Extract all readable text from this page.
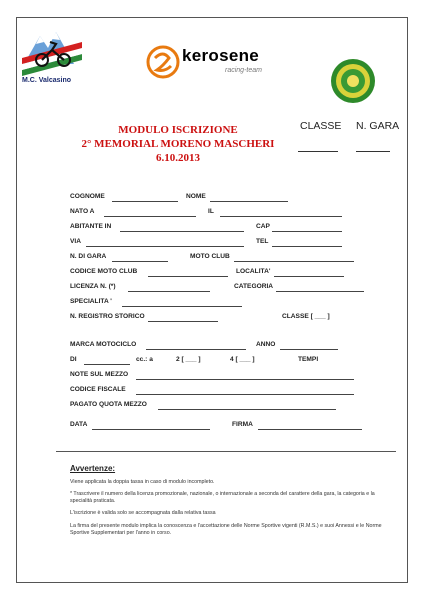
M.C. Valcasino
kerosene
racing-team
MODULO ISCRIZIONE
2° MEMORIAL MORENO MASCHERI
6.10.2013
CLASSE N. GARA
COGNOME	NOME
NATO A	IL
ABITANTE IN	CAP
VIA	TEL
N. DI GARA	MOTO CLUB
CODICE MOTO CLUB	LOCALITA'
LICENZA N. (*)	CATEGORIA
SPECIALITA '
N. REGISTRO STORICO	CLASSE [ ___ ]
MARCA MOTOCICLO	ANNO
DI	cc.: a	2 [ ___ ]	4 [ ___ ]	TEMPI
NOTE SUL MEZZO
CODICE FISCALE
PAGATO QUOTA MEZZO
DATA	FIRMA
Avvertenze:
Viene applicata la doppia tassa in caso di modulo incompleto.
* Trascrivere il numero della licenza promozionale, nazionale, o internazionale a seconda del carattere della gara, la categoria e la specialità praticata.
L'iscrizione è valida solo se accompagnata dalla relativa tassa
La firma del presente modulo implica la conoscenza e l'accettazione delle Norme Sportive vigenti (R.M.S.) e suoi Annessi e le Norme Sportive Supplementari per l'anno in corso.
